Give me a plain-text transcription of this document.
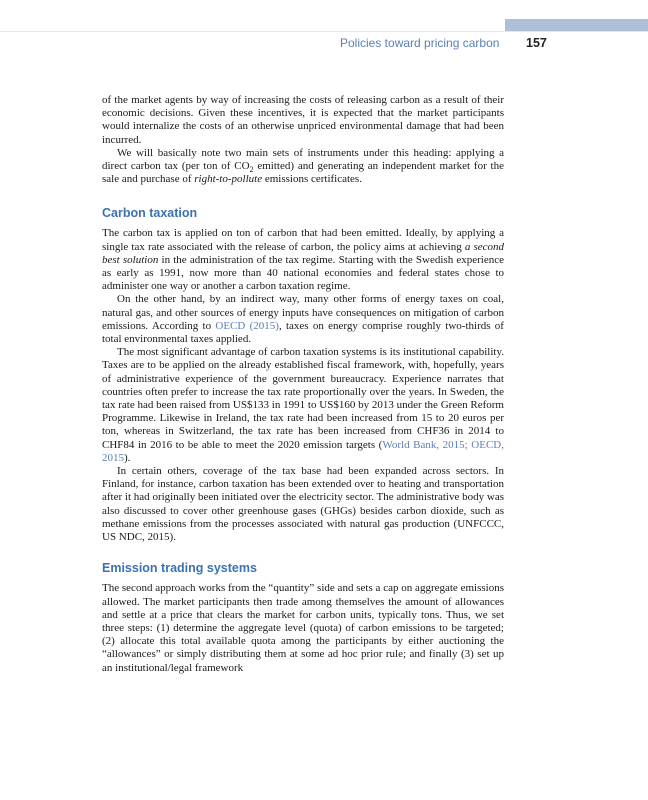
Policies toward pricing carbon 157

of the market agents by way of increasing the costs of releasing carbon as a result of their economic decisions. Given these incentives, it is expected that the market participants would internalize the costs of an otherwise unpriced environmental damage that had been incurred.

We will basically note two main sets of instruments under this heading: applying a direct carbon tax (per ton of $CO_2$ emitted) and generating an independent market for the sale and purchase of right-to-pollute emissions certificates.

Carbon taxation

The carbon tax is applied on ton of carbon that had been emitted. Ideally, by applying a single tax rate associated with the release of carbon, the policy aims at achieving a second best solution in the administration of the tax regime. Starting with the Swedish experience as early as 1991, now more than 40 national economies and federal states chose to administer one way or another a carbon taxation regime.

On the other hand, by an indirect way, many other forms of energy taxes on coal, natural gas, and other sources of energy inputs have consequences on mitigation of carbon emissions. According to OECD (2015), taxes on energy comprise roughly two-thirds of total environmental taxes applied.

The most significant advantage of carbon taxation systems is its institutional capability. Taxes are to be applied on the already established fiscal framework, with, hopefully, years of administrative experience of the government bureaucracy. Experience narrates that countries often prefer to increase the tax rate proportionally over the years. In Sweden, the tax rate had been raised from US$133 in 1991 to US$160 by 2013 under the Green Reform Programme. Likewise in Ireland, the tax rate had been increased from 15 to 20 euros per ton, whereas in Switzerland, the tax rate has been increased from CHF36 in 2014 to CHF84 in 2016 to be able to meet the 2020 emission targets (World Bank, 2015; OECD, 2015).

In certain others, coverage of the tax base had been expanded across sectors. In Finland, for instance, carbon taxation has been extended over to heating and transportation after it had originally been initiated over the electricity sector. The administrative body was also discussed to cover other greenhouse gases (GHGs) besides carbon dioxide, such as methane emissions from the processes associated with natural gas production (UNFCCC, US NDC, 2015).

Emission trading systems

The second approach works from the “quantity” side and sets a cap on aggregate emissions allowed. The market participants then trade among themselves the amount of allowances and settle at a price that clears the market for carbon units, typically tons. Thus, we set three steps: (1) determine the aggregate level (quota) of carbon emissions to be targeted; (2) allocate this total available quota among the participants by either auctioning the “allowances” or simply distributing them at some ad hoc prior rule; and finally (3) set up an institutional/legal framework
